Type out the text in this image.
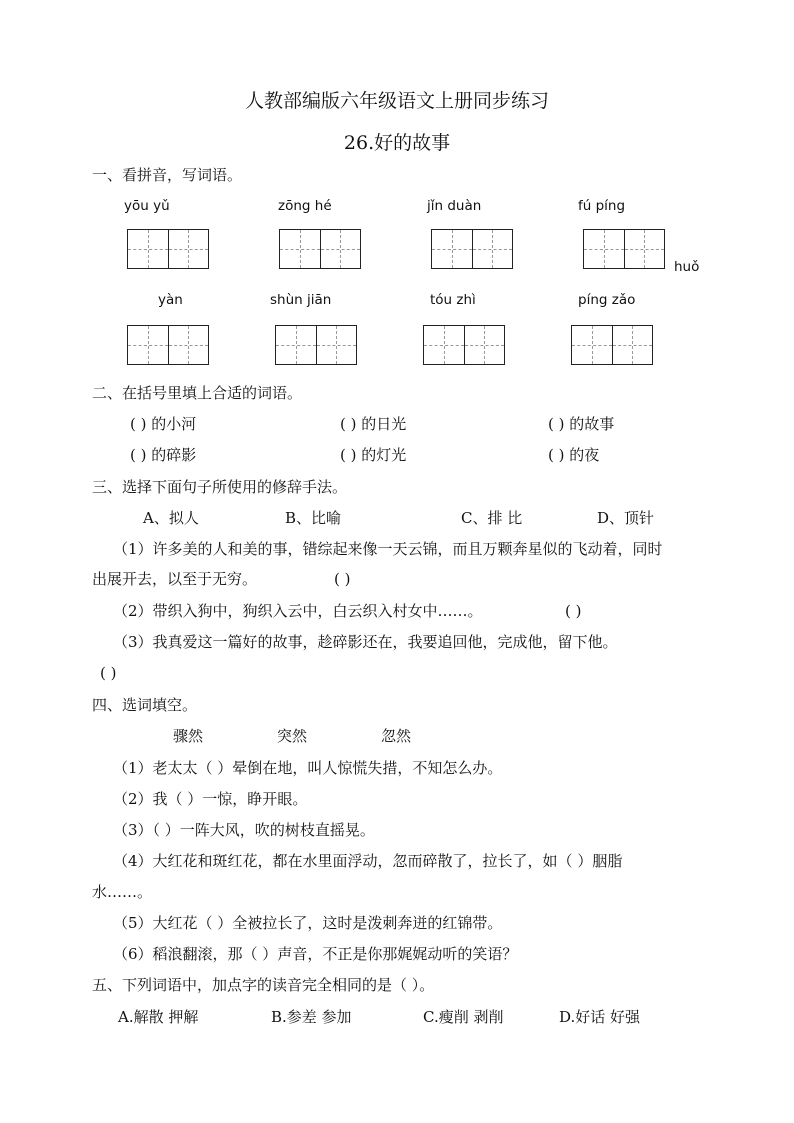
人教部编版六年级语文上册同步练习
26.好的故事
一、看拼音，写词语。
yōu yǔ	zōng hé	jǐn duàn	fú píng
huǒ
yàn	shùn jiān	tóu zhì	píng zǎo
二、在括号里填上合适的词语。
( ) 的小河	( ) 的日光	( ) 的故事
( ) 的碎影	( ) 的灯光	( ) 的夜
三、选择下面句子所使用的修辞手法。
A、拟人	B、比喻	C、排 比	D、顶针
（1）许多美的人和美的事，错综起来像一天云锦，而且万颗奔星似的飞动着，同时
出展开去，以至于无穷。	( )
（2）带织入狗中，狗织入云中，白云织入村女中……。	( )
（3）我真爱这一篇好的故事，趁碎影还在，我要追回他，完成他，留下他。
( )
四、选词填空。
骤然	突然	忽然
（1）老太太（ ）晕倒在地，叫人惊慌失措，不知怎么办。
（2）我（ ）一惊，睁开眼。
（3）（ ）一阵大风，吹的树枝直摇晃。
（4）大红花和斑红花，都在水里面浮动，忽而碎散了，拉长了，如（ ）胭脂
水……。
（5）大红花（ ）全被拉长了，这时是泼刺奔迸的红锦带。
（6）稻浪翻滚，那（ ）声音，不正是你那娓娓动听的笑语？
五、下列词语中，加点字的读音完全相同的是（ ）。
A.解散 押解	B.参差 参加	C.瘦削 剥削	D.好话 好强
